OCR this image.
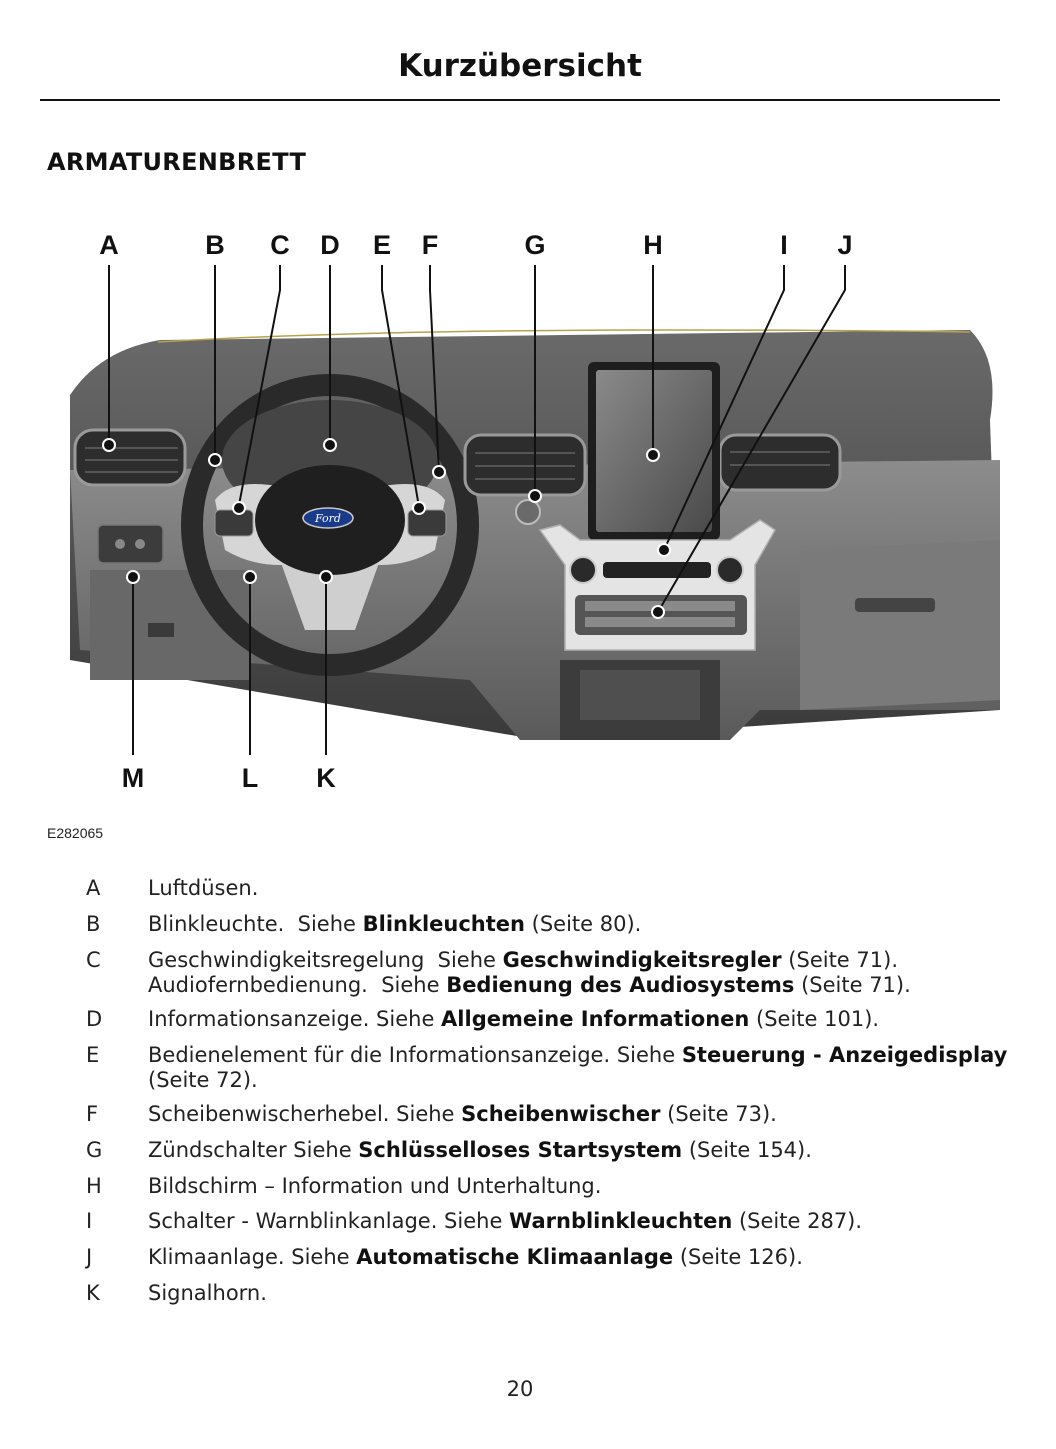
Kurzübersicht
ARMATURENBRETT
Ford
A	B C D E F	G	H	I J
M	L K
E282065
A Luftdüsen.
B Blinkleuchte.  Siehe Blinkleuchten (Seite 80).
C Geschwindigkeitsregelung  Siehe Geschwindigkeitsregler (Seite 71).
Audiofernbedienung.  Siehe Bedienung des Audiosystems (Seite 71).
D Informationsanzeige. Siehe Allgemeine Informationen (Seite 101).
E	Bedienelement für die Informationsanzeige. Siehe Steuerung - Anzeigedisplay
(Seite 72).
F	Scheibenwischerhebel. Siehe Scheibenwischer (Seite 73).
G Zündschalter Siehe Schlüsselloses Startsystem (Seite 154).
H Bildschirm – Information und Unterhaltung.
I	Schalter - Warnblinkanlage. Siehe Warnblinkleuchten (Seite 287).
J	Klimaanlage. Siehe Automatische Klimaanlage (Seite 126).
K Signalhorn.
20
